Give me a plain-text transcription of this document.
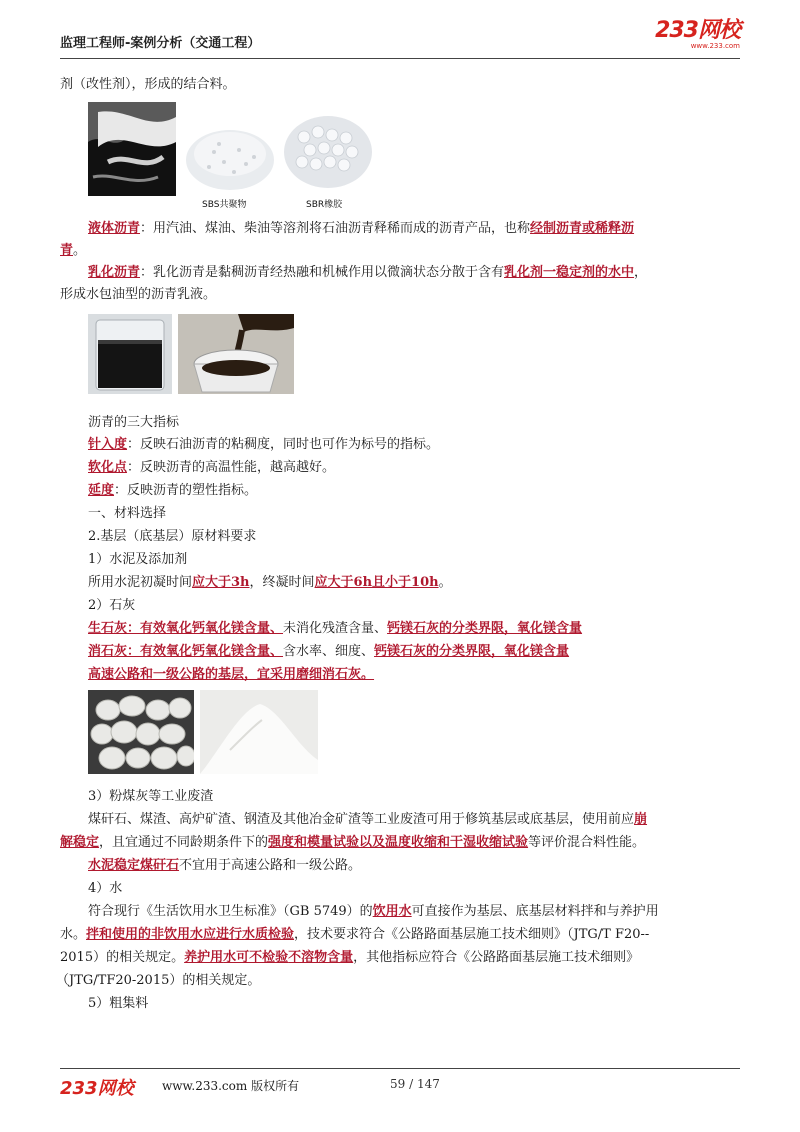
监理工程师-案例分析（交通工程）
233网校
www.233.com
剂（改性剂），形成的结合料。
SBS共聚物	SBR橡胶
液体沥青：用汽油、煤油、柴油等溶剂将石油沥青释稀而成的沥青产品，也称经制沥青或稀释沥
青。
乳化沥青：乳化沥青是黏稠沥青经热融和机械作用以微滴状态分散于含有乳化剂一稳定剂的水中，
形成水包油型的沥青乳液。
沥青的三大指标
针入度：反映石油沥青的粘稠度，同时也可作为标号的指标。
软化点：反映沥青的高温性能，越高越好。
延度：反映沥青的塑性指标。
一、材料选择
2.基层（底基层）原材料要求
1）水泥及添加剂
所用水泥初凝时间应大于3h，终凝时间应大于6h且小于10h。
2）石灰
生石灰：有效氧化钙氧化镁含量、未消化残渣含量、钙镁石灰的分类界限，氧化镁含量
消石灰：有效氧化钙氧化镁含量、含水率、细度、钙镁石灰的分类界限，氧化镁含量
高速公路和一级公路的基层，宜采用磨细消石灰。
3）粉煤灰等工业废渣
煤矸石、煤渣、高炉矿渣、钢渣及其他冶金矿渣等工业废渣可用于修筑基层或底基层，使用前应崩
解稳定，且宜通过不同龄期条件下的强度和模量试验以及温度收缩和干湿收缩试验等评价混合料性能。
水泥稳定煤矸石不宜用于高速公路和一级公路。
4）水
符合现行《生活饮用水卫生标准》（GB 5749）的饮用水可直接作为基层、底基层材料拌和与养护用
水。拌和使用的非饮用水应进行水质检验，技术要求符合《公路路面基层施工技术细则》（JTG/T F20--
2015）的相关规定。养护用水可不检验不溶物含量，其他指标应符合《公路路面基层施工技术细则》
（JTG/TF20-2015）的相关规定。
5）粗集料
233网校 www.233.com 版权所有	59 / 147
